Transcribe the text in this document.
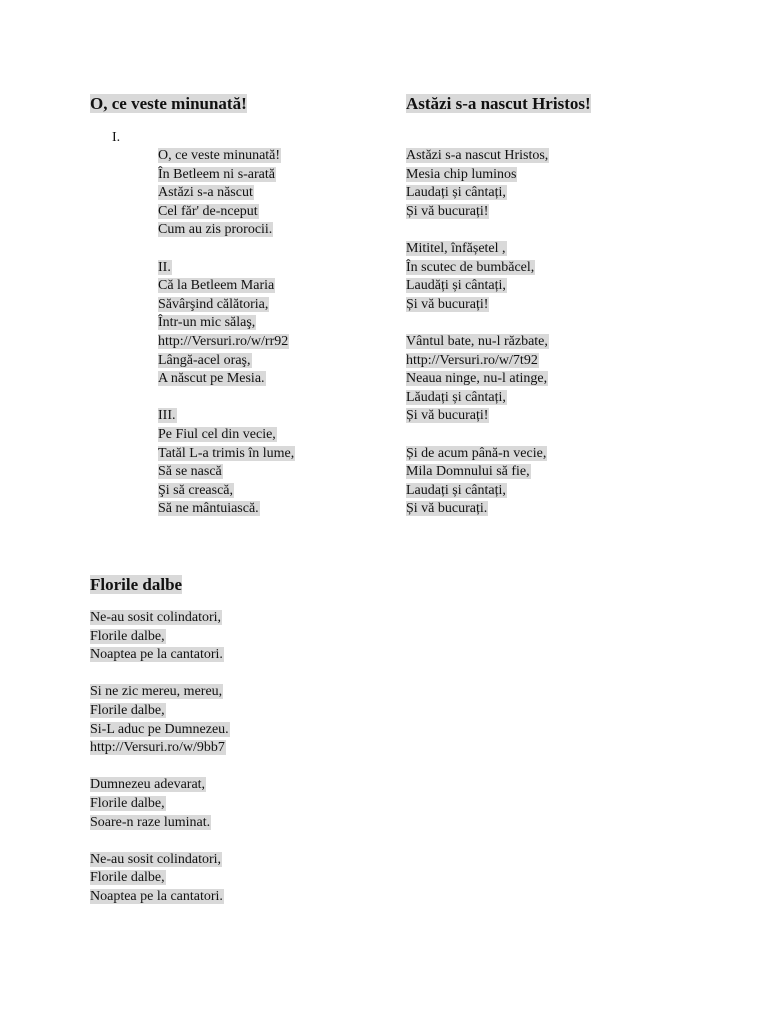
O, ce veste minunată!
I.
O, ce veste minunată!
În Betleem ni s-arată
Astăzi s-a născut
Cel făr' de-nceput
Cum au zis prorocii.
II.
Că la Betleem Maria
Săvârşind călătoria,
Într-un mic sălaş,
http://Versuri.ro/w/rr92
Lângă-acel oraş,
A născut pe Mesia.
III.
Pe Fiul cel din vecie,
Tatăl L-a trimis în lume,
Să se nască
Şi să crească,
Să ne mântuiască.
Astăzi s-a nascut Hristos!
Astăzi s-a nascut Hristos,
Mesia chip luminos
Laudați și cântați,
Și vă bucurați!
Mititel, înfășetel ,
În scutec de bumbăcel,
Laudăți și cântați,
Și vă bucurați!
Vântul bate, nu-l răzbate,
http://Versuri.ro/w/7t92
Neaua ninge, nu-l atinge,
Lăudați și cântați,
Și vă bucurați!
Și de acum până-n vecie,
Mila Domnului să fie,
Laudați și cântați,
Și vă bucurați.
Florile dalbe
Ne-au sosit colindatori,
Florile dalbe,
Noaptea pe la cantatori.
Si ne zic mereu, mereu,
Florile dalbe,
Si-L aduc pe Dumnezeu.
http://Versuri.ro/w/9bb7
Dumnezeu adevarat,
Florile dalbe,
Soare-n raze luminat.
Ne-au sosit colindatori,
Florile dalbe,
Noaptea pe la cantatori.
